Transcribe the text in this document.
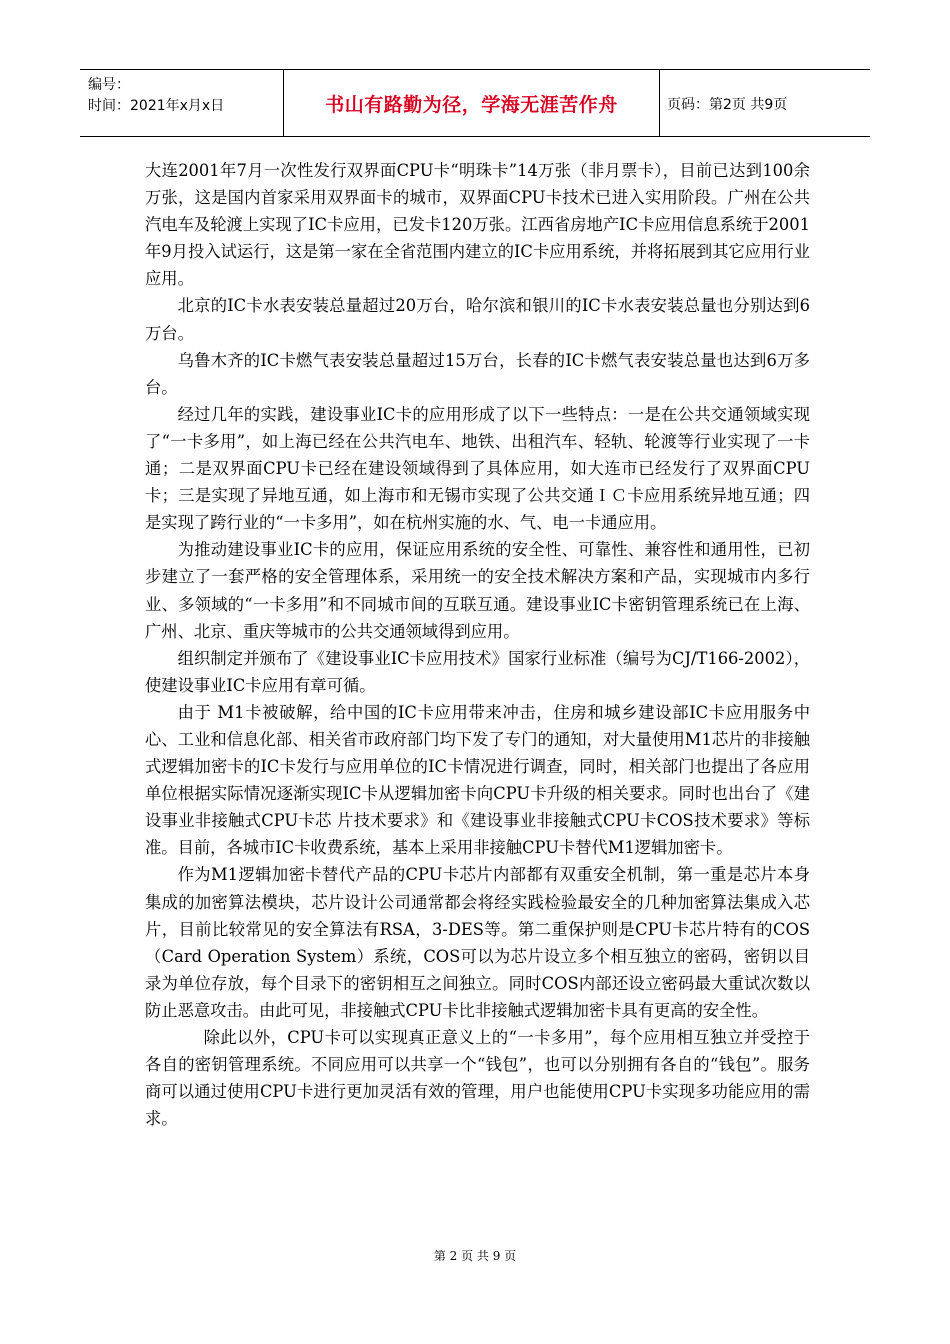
编号：
时间：2021年x月x日	书山有路勤为径，学海无涯苦作舟	页码：第2页 共9页

大连2001年7月一次性发行双界面CPU卡“明珠卡”14万张（非月票卡），目前已达到100余万张，这是国内首家采用双界面卡的城市，双界面CPU卡技术已进入实用阶段。广州在公共汽电车及轮渡上实现了IC卡应用，已发卡120万张。江西省房地产IC卡应用信息系统于2001年9月投入试运行，这是第一家在全省范围内建立的IC卡应用系统，并将拓展到其它应用行业应用。

北京的IC卡水表安装总量超过20万台，哈尔滨和银川的IC卡水表安装总量也分别达到6万台。

乌鲁木齐的IC卡燃气表安装总量超过15万台，长春的IC卡燃气表安装总量也达到6万多台。

经过几年的实践，建设事业IC卡的应用形成了以下一些特点：一是在公共交通领域实现了“一卡多用”，如上海已经在公共汽电车、地铁、出租汽车、轻轨、轮渡等行业实现了一卡通；二是双界面CPU卡已经在建设领域得到了具体应用，如大连市已经发行了双界面CPU卡；三是实现了异地互通，如上海市和无锡市实现了公共交通ＩＣ卡应用系统异地互通；四是实现了跨行业的“一卡多用”，如在杭州实施的水、气、电一卡通应用。

为推动建设事业IC卡的应用，保证应用系统的安全性、可靠性、兼容性和通用性，已初步建立了一套严格的安全管理体系，采用统一的安全技术解决方案和产品，实现城市内多行业、多领域的“一卡多用”和不同城市间的互联互通。建设事业IC卡密钥管理系统已在上海、广州、北京、重庆等城市的公共交通领域得到应用。

组织制定并颁布了《建设事业IC卡应用技术》国家行业标准（编号为CJ/T166-2002），使建设事业IC卡应用有章可循。

由于 M1卡被破解，给中国的IC卡应用带来冲击，住房和城乡建设部IC卡应用服务中心、工业和信息化部、相关省市政府部门均下发了专门的通知，对大量使用M1芯片的非接触式逻辑加密卡的IC卡发行与应用单位的IC卡情况进行调查，同时，相关部门也提出了各应用单位根据实际情况逐渐实现IC卡从逻辑加密卡向CPU卡升级的相关要求。同时也出台了《建设事业非接触式CPU卡芯 片技术要求》和《建设事业非接触式CPU卡COS技术要求》等标准。目前，各城市IC卡收费系统，基本上采用非接触CPU卡替代M1逻辑加密卡。

作为M1逻辑加密卡替代产品的CPU卡芯片内部都有双重安全机制，第一重是芯片本身集成的加密算法模块，芯片设计公司通常都会将经实践检验最安全的几种加密算法集成入芯片，目前比较常见的安全算法有RSA，3-DES等。第二重保护则是CPU卡芯片特有的COS（Card Operation System）系统，COS可以为芯片设立多个相互独立的密码，密钥以目录为单位存放，每个目录下的密钥相互之间独立。同时COS内部还设立密码最大重试次数以防止恶意攻击。由此可见，非接触式CPU卡比非接触式逻辑加密卡具有更高的安全性。

除此以外，CPU卡可以实现真正意义上的“一卡多用”，每个应用相互独立并受控于各自的密钥管理系统。不同应用可以共享一个“钱包”，也可以分别拥有各自的“钱包”。服务商可以通过使用CPU卡进行更加灵活有效的管理，用户也能使用CPU卡实现多功能应用的需求。

第 2 页 共 9 页
